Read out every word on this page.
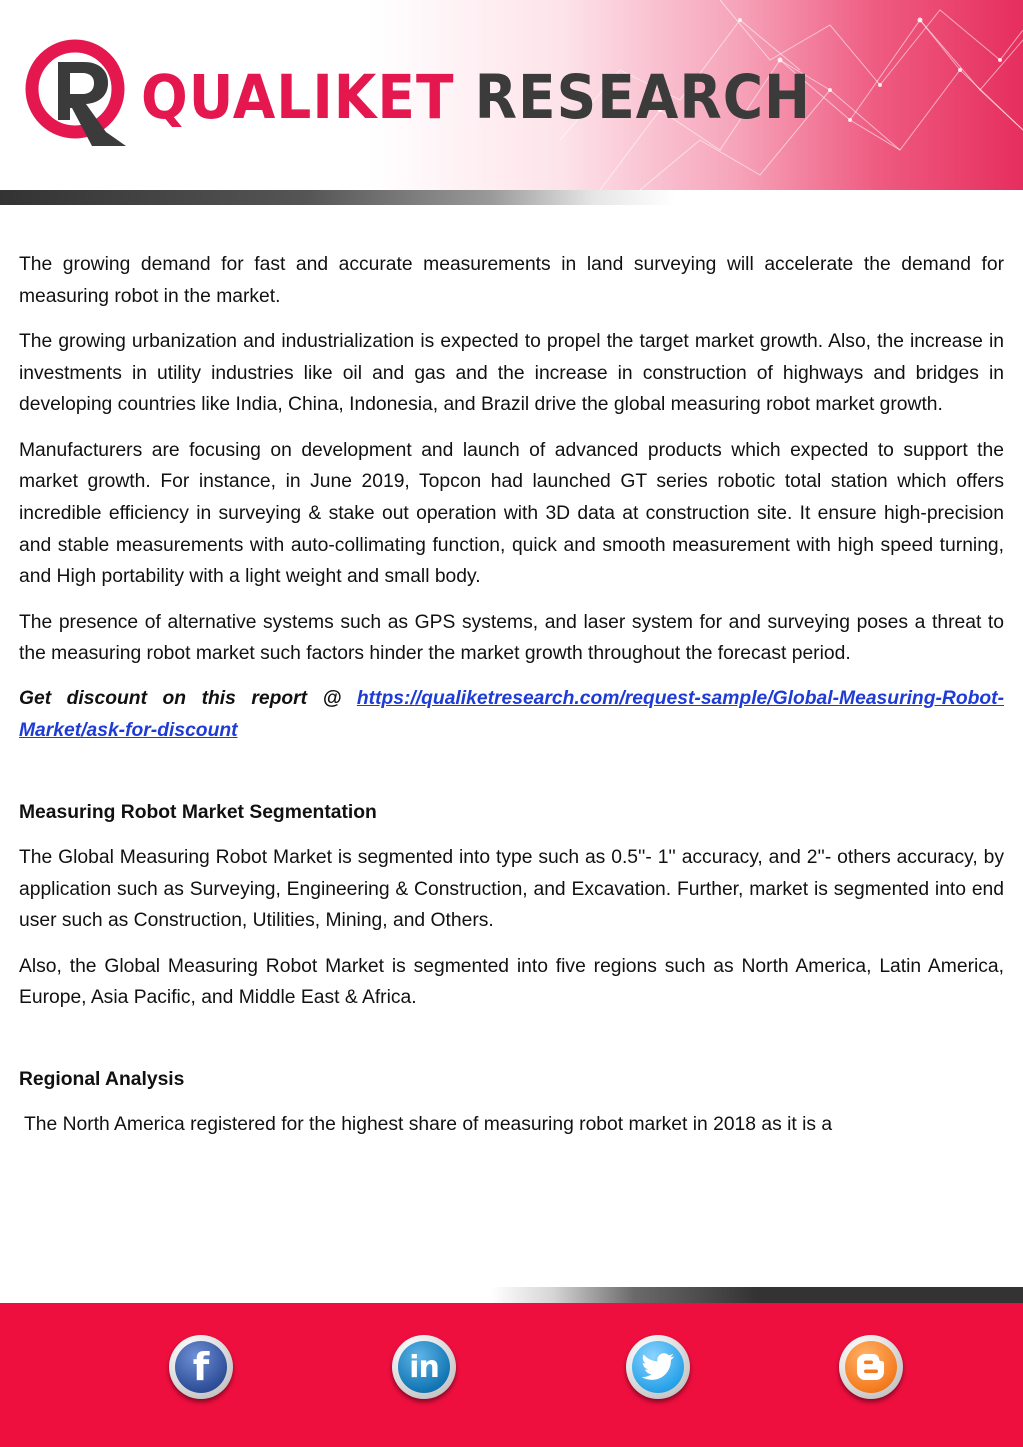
QUALIKET RESEARCH

The growing demand for fast and accurate measurements in land surveying will accelerate the demand for measuring robot in the market.

The growing urbanization and industrialization is expected to propel the target market growth. Also, the increase in investments in utility industries like oil and gas and the increase in construction of highways and bridges in developing countries like India, China, Indonesia, and Brazil drive the global measuring robot market growth.

Manufacturers are focusing on development and launch of advanced products which expected to support the market growth. For instance, in June 2019, Topcon had launched GT series robotic total station which offers incredible efficiency in surveying & stake out operation with 3D data at construction site. It ensure high-precision and stable measurements with auto-collimating function, quick and smooth measurement with high speed turning, and High portability with a light weight and small body.

The presence of alternative systems such as GPS systems, and laser system for and surveying poses a threat to the measuring robot market such factors hinder the market growth throughout the forecast period.

Get discount on this report @ https://qualiketresearch.com/request-sample/Global-Measuring-Robot-Market/ask-for-discount

Measuring Robot Market Segmentation

The Global Measuring Robot Market is segmented into type such as 0.5''- 1'' accuracy, and 2''- others accuracy, by application such as Surveying, Engineering & Construction, and Excavation. Further, market is segmented into end user such as Construction, Utilities, Mining, and Others.

Also, the Global Measuring Robot Market is segmented into five regions such as North America, Latin America, Europe, Asia Pacific, and Middle East & Africa.

Regional Analysis

The North America registered for the highest share of measuring robot market in 2018 as it is a

f	in
